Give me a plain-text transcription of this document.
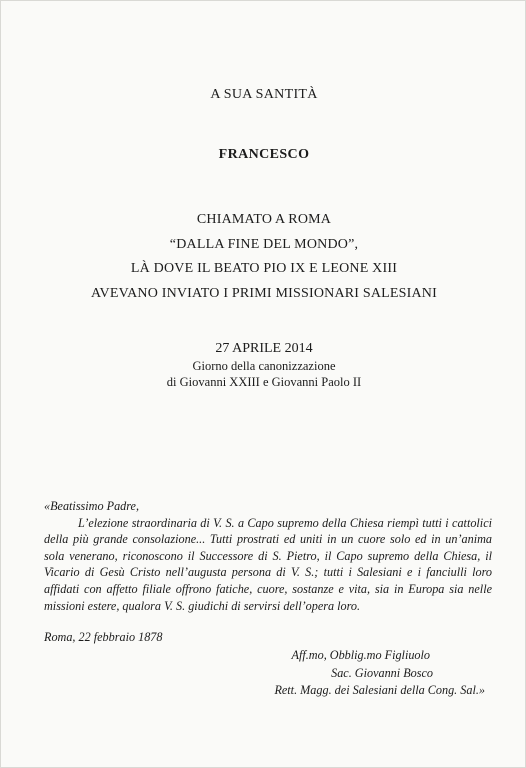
A SUA SANTITÀ
FRANCESCO
CHIAMATO A ROMA
“DALLA FINE DEL MONDO”,
LÀ DOVE IL BEATO PIO IX E LEONE XIII
AVEVANO INVIATO I PRIMI MISSIONARI SALESIANI
27 APRILE 2014
Giorno della canonizzazione
di Giovanni XXIII e Giovanni Paolo II

«Beatissimo Padre,

L’elezione straordinaria di V. S. a Capo supremo della Chiesa riempì tutti i cattolici della più grande consolazione... Tutti prostrati ed uniti in un cuore solo ed in un’anima sola venerano, riconoscono il Successore di S. Pietro, il Capo supremo della Chiesa, il Vicario di Gesù Cristo nell’augusta persona di V. S.; tutti i Salesiani e i fanciulli loro affidati con affetto filiale offrono fatiche, cuore, sostanze e vita, sia in Europa sia nelle missioni estere, qualora V. S. giudichi di servirsi dell’opera loro.

Roma, 22 febbraio 1878
Aff.mo, Obblig.mo Figliuolo
Sac. Giovanni Bosco
Rett. Magg. dei Salesiani della Cong. Sal.»
